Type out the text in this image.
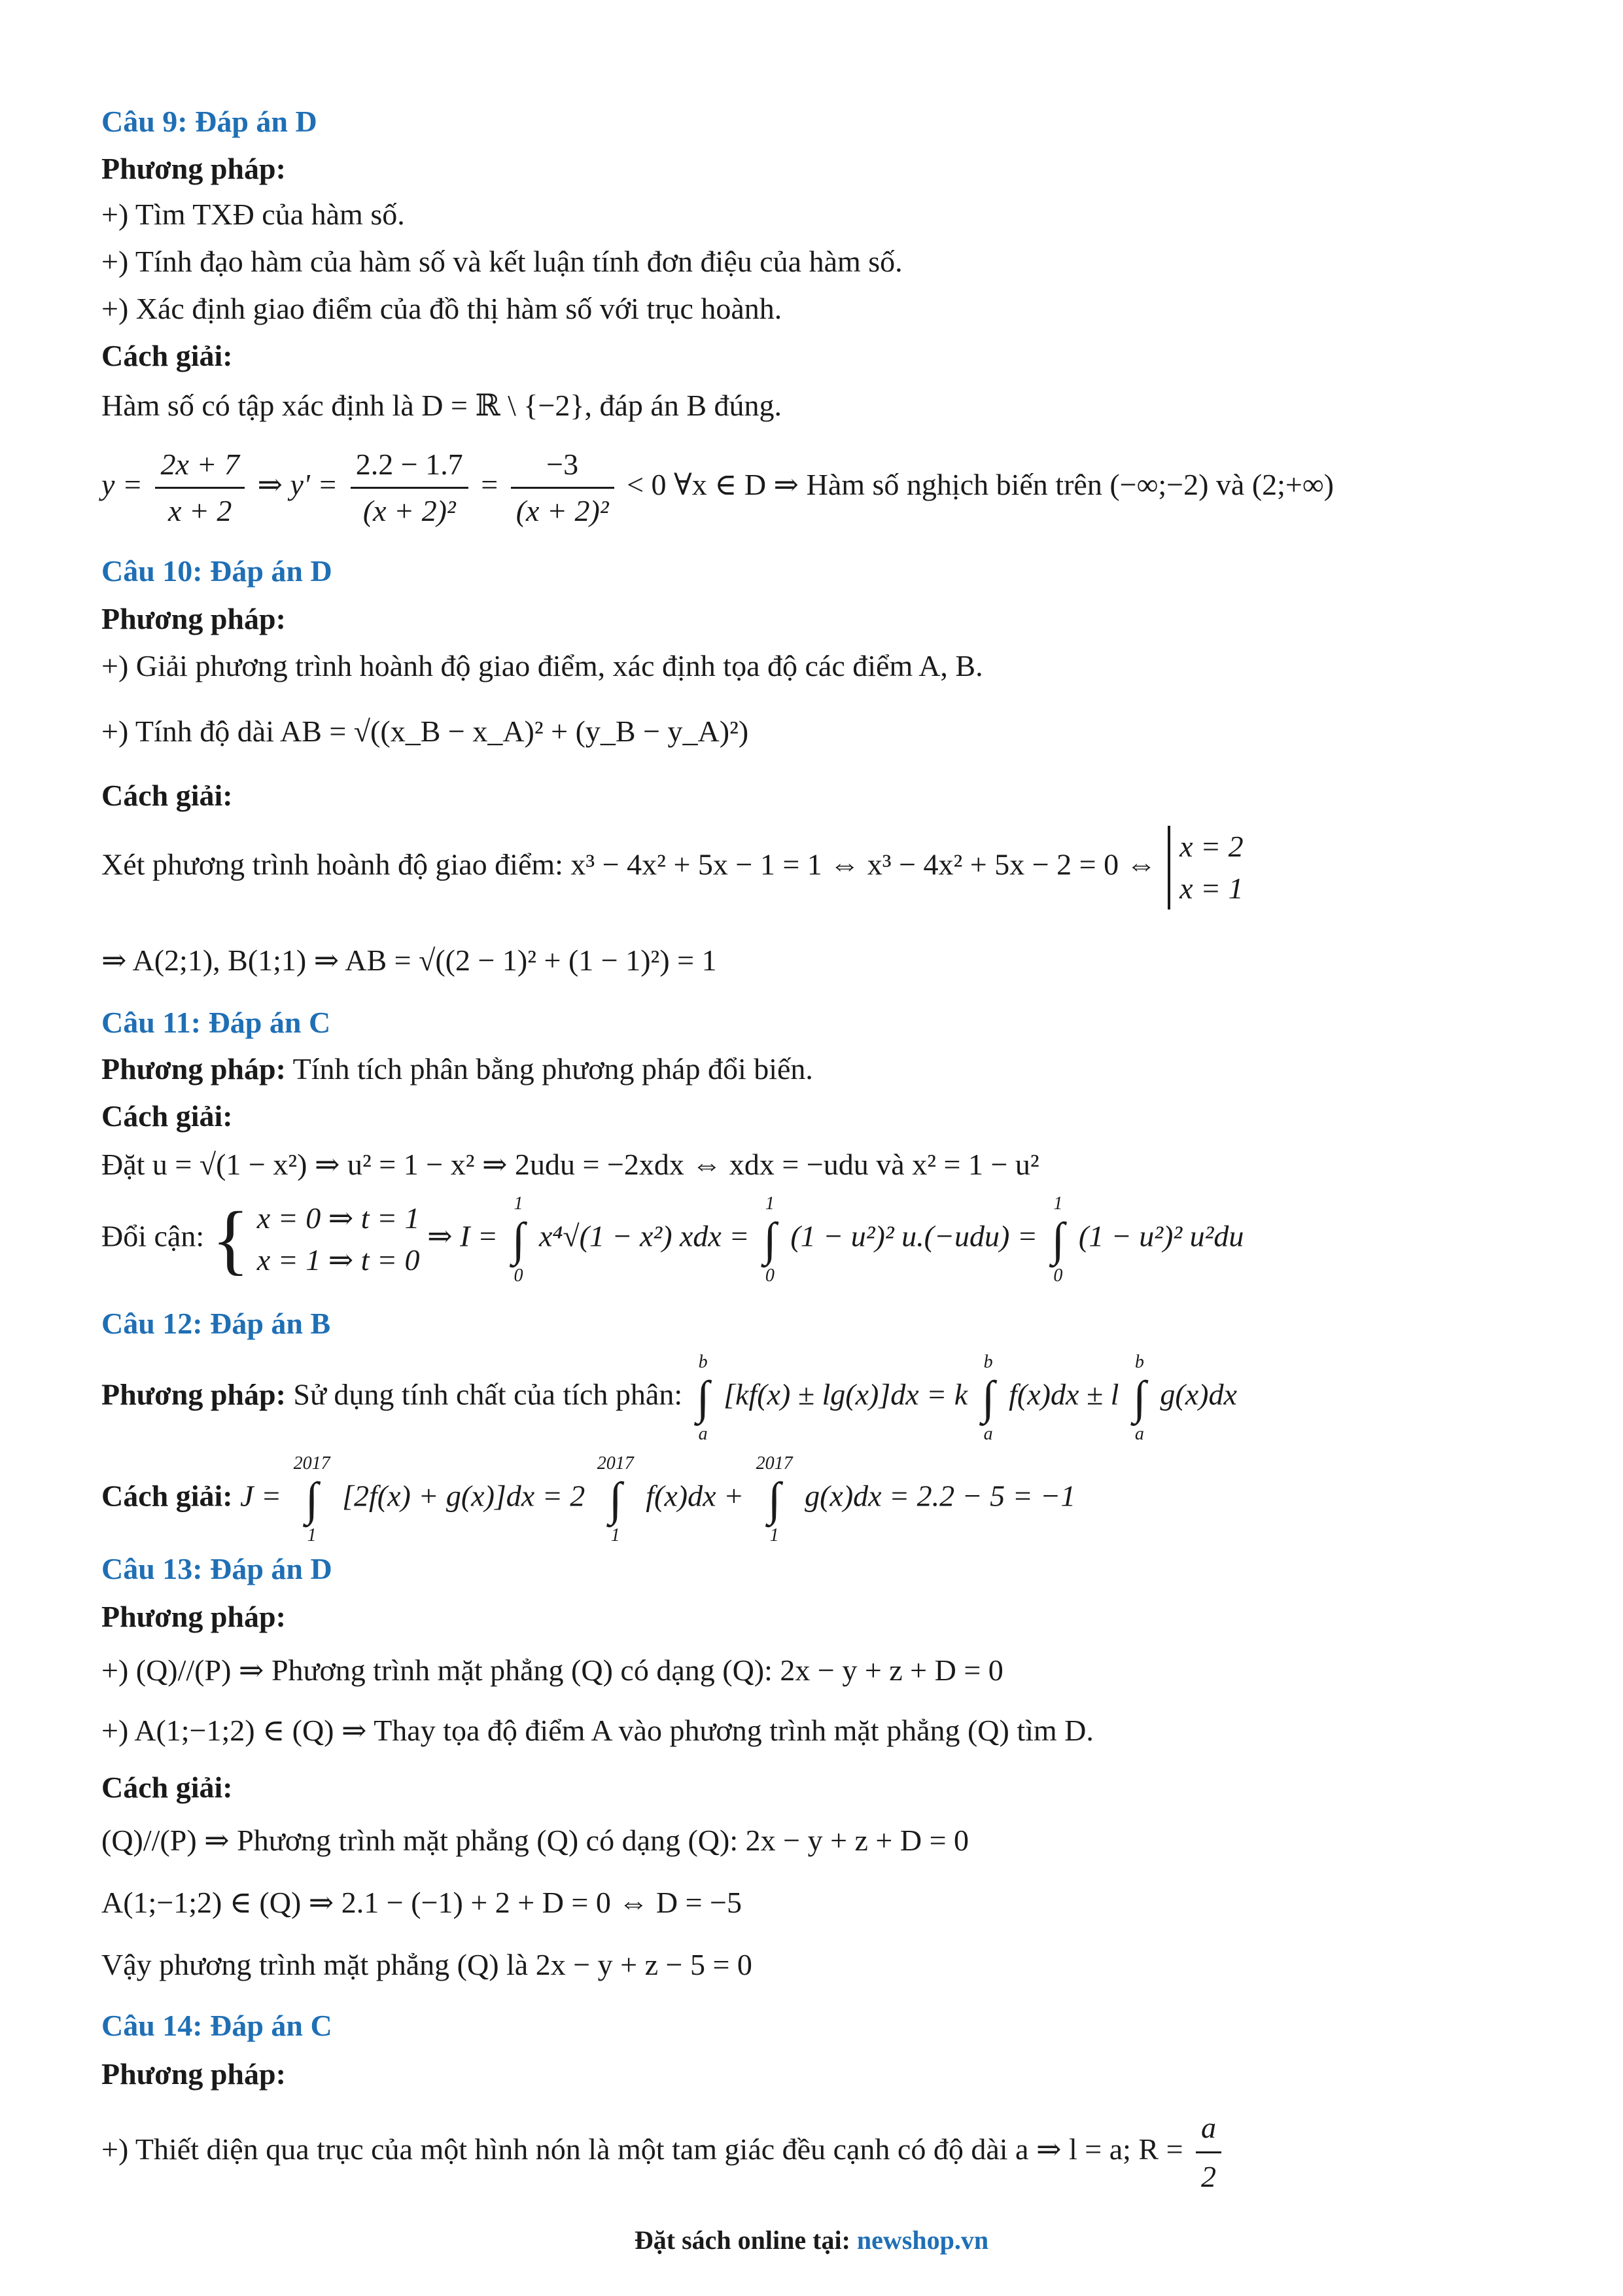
Câu 9: Đáp án D
Phương pháp:
+) Tìm TXĐ của hàm số.
+) Tính đạo hàm của hàm số và kết luận tính đơn điệu của hàm số.
+) Xác định giao điểm của đồ thị hàm số với trục hoành.
Cách giải:
Hàm số có tập xác định là D = ℝ \ {−2}, đáp án B đúng.
$y = \frac{2x + 7}{x + 2}$ ⇒ $y' = \frac{2.2 - 1.7}{\text{(x + 2)²}} = \frac{-3}{\text{(x + 2)²}} < 0$ ∀x ∈ D ⇒ Hàm số nghịch biến trên (−∞;−2) và (2;+∞)
Câu 10: Đáp án D
Phương pháp:
+) Giải phương trình hoành độ giao điểm, xác định tọa độ các điểm A, B.
+) Tính độ dài AB = √((x_B − x_A)² + (y_B − y_A)²)
Cách giải:
Xét phương trình hoành độ giao điểm: x³ − 4x² + 5x − 1 = 1 ⇔ x³ − 4x² + 5x − 2 = 0 ⇔
x = 2
x = 1
⇒ A(2;1), B(1;1) ⇒ AB = √((2 − 1)² + (1 − 1)²) = 1
Câu 11: Đáp án C
Phương pháp: Tính tích phân bằng phương pháp đổi biến.
Cách giải:
Đặt u = √(1 − x²) ⇒ u² = 1 − x² ⇒ 2udu = −2xdx ⇔ xdx = −udu và x² = 1 − u²
Đổi cận: { x = 0 ⇒ t = 1
x = 1 ⇒ t = 0
⇒ I = ∫
1
0
x⁴√(1 − x²) xdx = ∫
1
0
(1 − u²)² u.(−udu) = ∫
1
0
(1 − u²)² u²du
Câu 12: Đáp án B
Phương pháp: Sử dụng tính chất của tích phân: ∫
b
a
[kf(x) ± lg(x)]dx = k ∫
b
a
f(x)dx ± l ∫
b
a
g(x)dx
Cách giải: J = ∫
2017
1
[2f(x) + g(x)]dx = 2 ∫
2017
1
f(x)dx + ∫
2017
1
g(x)dx = 2.2 − 5 = −1
Câu 13: Đáp án D
Phương pháp:
+) (Q)//(P) ⇒ Phương trình mặt phẳng (Q) có dạng (Q): 2x − y + z + D = 0
+) A(1;−1;2) ∈ (Q) ⇒ Thay tọa độ điểm A vào phương trình mặt phẳng (Q) tìm D.
Cách giải:
(Q)//(P) ⇒ Phương trình mặt phẳng (Q) có dạng (Q): 2x − y + z + D = 0
A(1;−1;2) ∈ (Q) ⇒ 2.1 − (−1) + 2 + D = 0 ⇔ D = −5
Vậy phương trình mặt phẳng (Q) là 2x − y + z − 5 = 0
Câu 14: Đáp án C
Phương pháp:
+) Thiết diện qua trục của một hình nón là một tam giác đều cạnh có độ dài a ⇒ l = a; $R = \frac{a}{2}$
Đặt sách online tại: newshop.vn
